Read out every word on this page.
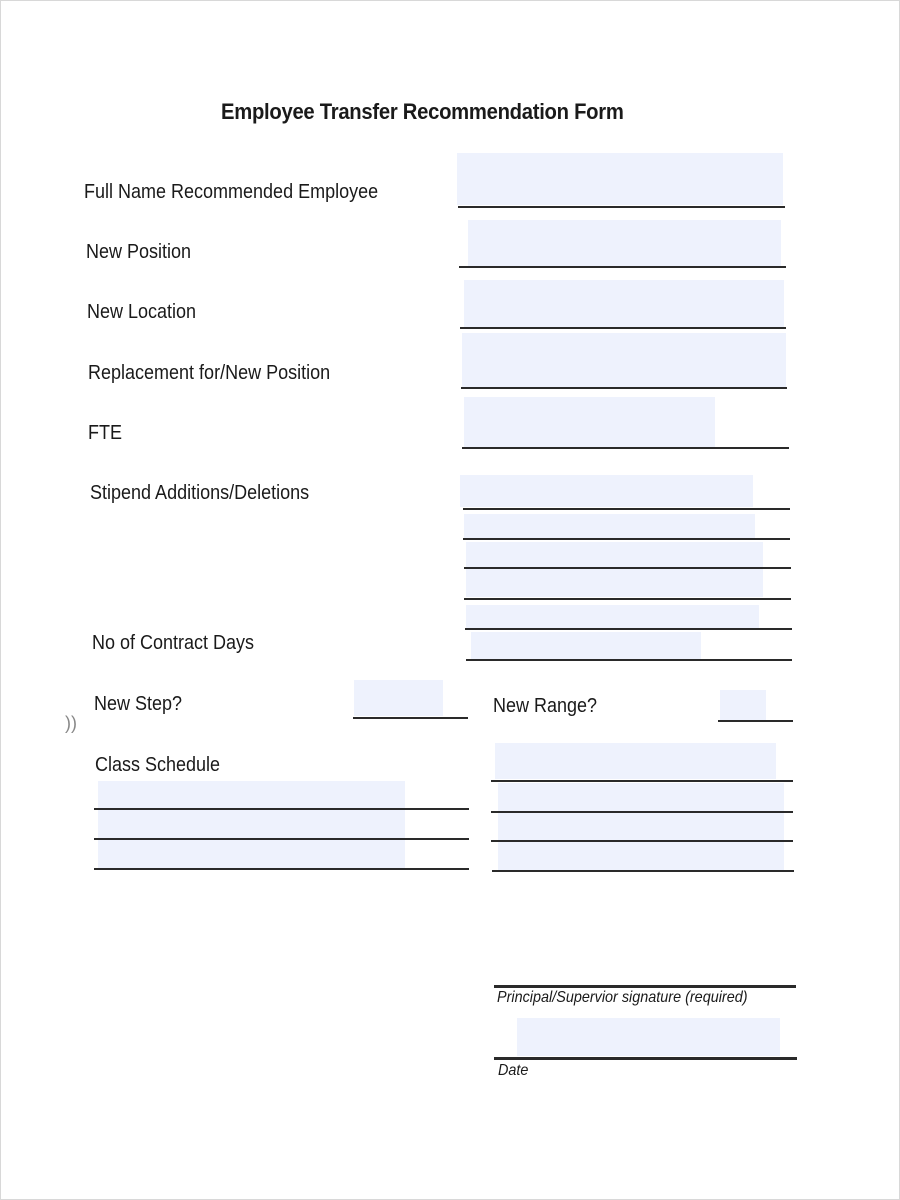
Employee Transfer Recommendation Form
Full Name Recommended Employee
New Position
New Location
Replacement for/New Position
FTE
Stipend Additions/Deletions
No of Contract Days
))
New Step?	New Range?
Class Schedule
Principal/Supervior signature (required)
Date
